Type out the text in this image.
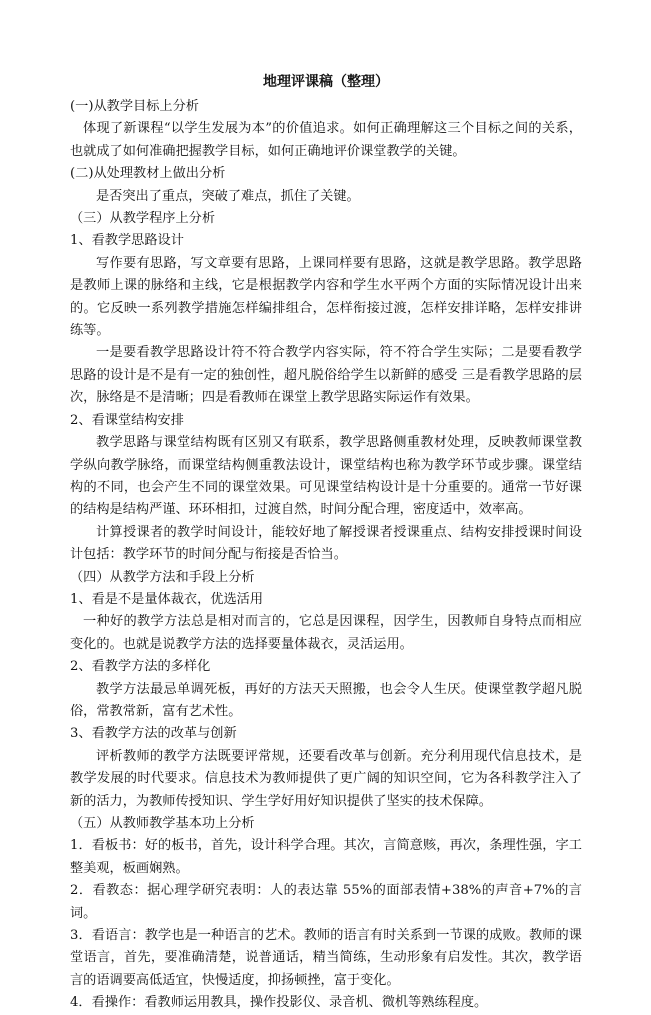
地理评课稿（整理）

(一)从教学目标上分析

体现了新课程“以学生发展为本”的价值追求。如何正确理解这三个目标之间的关系，也就成了如何准确把握教学目标，如何正确地评价课堂教学的关键。

(二)从处理教材上做出分析

是否突出了重点，突破了难点，抓住了关键。

（三）从教学程序上分析

1、看教学思路设计

写作要有思路，写文章要有思路，上课同样要有思路，这就是教学思路。教学思路是教师上课的脉络和主线，它是根据教学内容和学生水平两个方面的实际情况设计出来的。它反映一系列教学措施怎样编排组合，怎样衔接过渡，怎样安排详略，怎样安排讲练等。

一是要看教学思路设计符不符合教学内容实际，符不符合学生实际；二是要看教学思路的设计是不是有一定的独创性，超凡脱俗给学生以新鲜的感受 三是看教学思路的层次，脉络是不是清晰；四是看教师在课堂上教学思路实际运作有效果。

2、看课堂结构安排

教学思路与课堂结构既有区别又有联系，教学思路侧重教材处理，反映教师课堂教学纵向教学脉络，而课堂结构侧重教法设计，课堂结构也称为教学环节或步骤。课堂结构的不同，也会产生不同的课堂效果。可见课堂结构设计是十分重要的。通常一节好课的结构是结构严谨、环环相扣，过渡自然，时间分配合理，密度适中，效率高。

计算授课者的教学时间设计，能较好地了解授课者授课重点、结构安排授课时间设计包括：教学环节的时间分配与衔接是否恰当。

（四）从教学方法和手段上分析

1、看是不是量体裁衣，优选活用

一种好的教学方法总是相对而言的，它总是因课程，因学生，因教师自身特点而相应变化的。也就是说教学方法的选择要量体裁衣，灵活运用。

2、看教学方法的多样化

教学方法最忌单调死板，再好的方法天天照搬，也会令人生厌。使课堂教学超凡脱俗，常教常新，富有艺术性。

3、看教学方法的改革与创新

评析教师的教学方法既要评常规，还要看改革与创新。充分利用现代信息技术，是教学发展的时代要求。信息技术为教师提供了更广阔的知识空间，它为各科教学注入了新的活力，为教师传授知识、学生学好用好知识提供了坚实的技术保障。

（五）从教师教学基本功上分析

1．看板书：好的板书，首先，设计科学合理。其次，言简意赅，再次，条理性强，字工整美观，板画娴熟。

2．看教态：据心理学研究表明：人的表达靠 55%的面部表情+38%的声音+7%的言词。

3．看语言：教学也是一种语言的艺术。教师的语言有时关系到一节课的成败。教师的课堂语言，首先，要准确清楚，说普通话，精当简练，生动形象有启发性。其次，教学语言的语调要高低适宜，快慢适度，抑扬顿挫，富于变化。

4．看操作：看教师运用教具，操作投影仪、录音机、微机等熟练程度。
